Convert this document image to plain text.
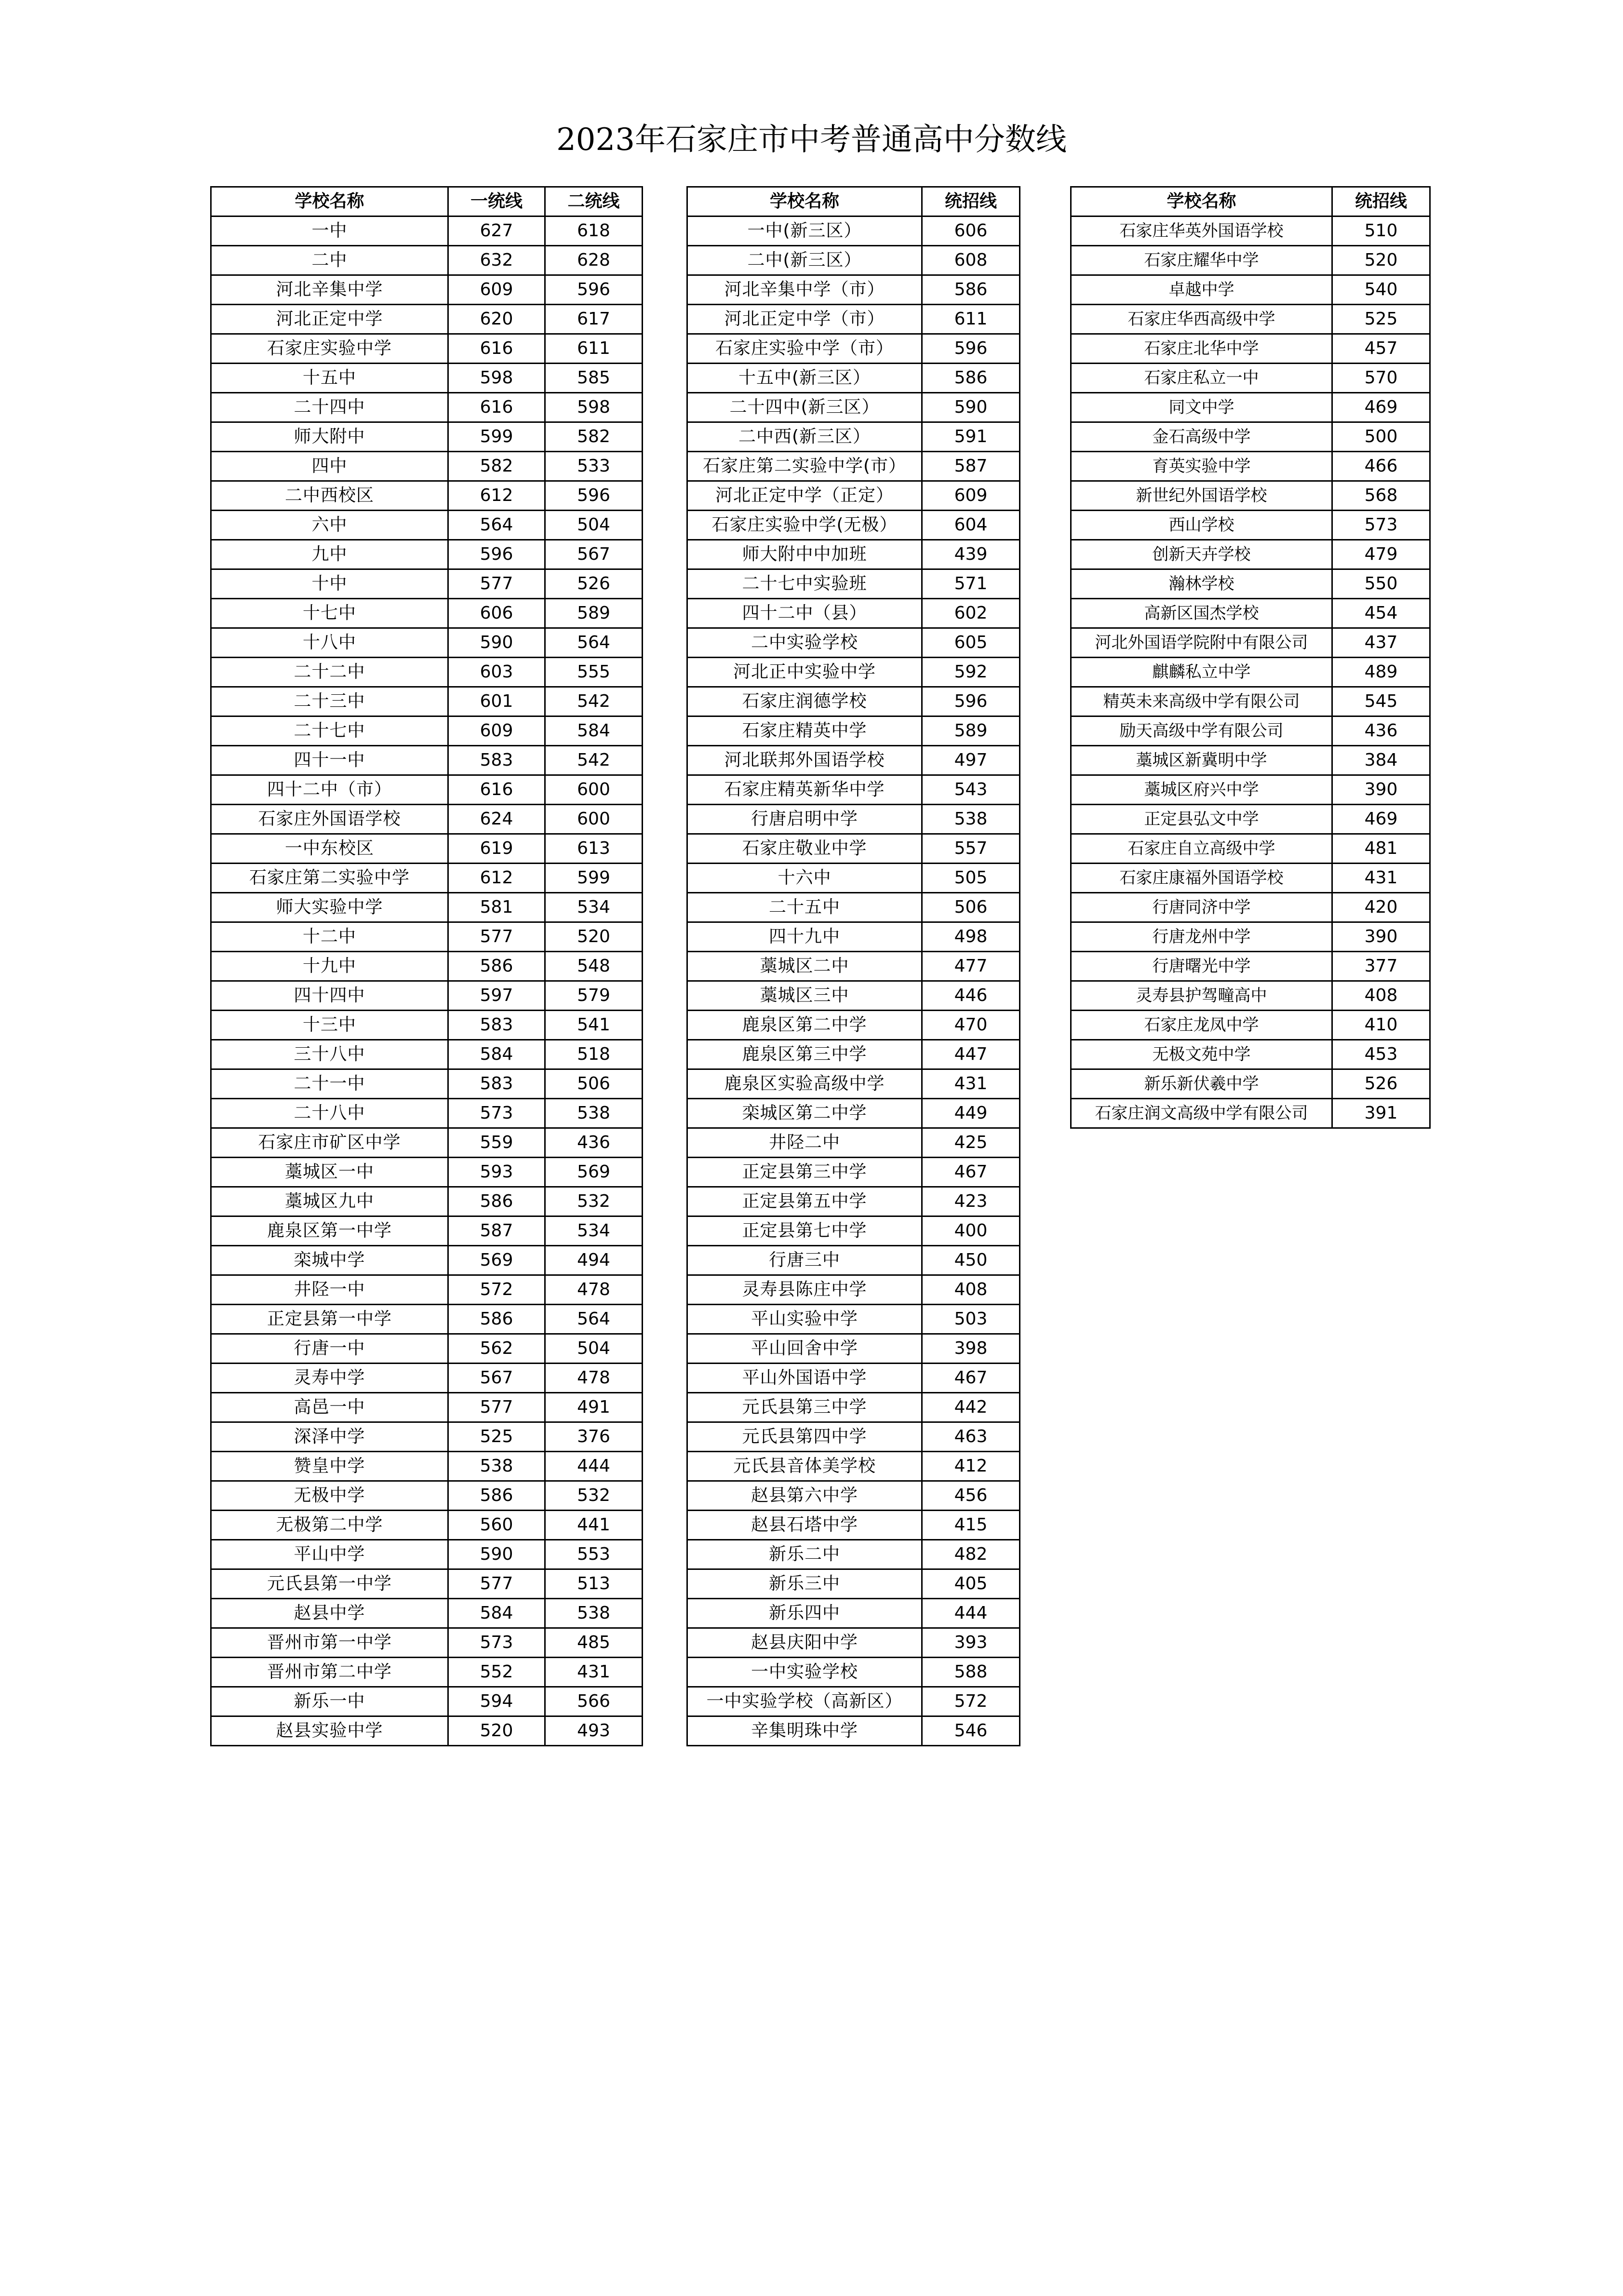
2023年石家庄市中考普通高中分数线
学校名称	一统线	二统线
一中	627	618
二中	632	628
河北辛集中学	609	596
河北正定中学	620	617
石家庄实验中学	616	611
十五中	598	585
二十四中	616	598
师大附中	599	582
四中	582	533
二中西校区	612	596
六中	564	504
九中	596	567
十中	577	526
十七中	606	589
十八中	590	564
二十二中	603	555
二十三中	601	542
二十七中	609	584
四十一中	583	542
四十二中（市）	616	600
石家庄外国语学校	624	600
一中东校区	619	613
石家庄第二实验中学	612	599
师大实验中学	581	534
十二中	577	520
十九中	586	548
四十四中	597	579
十三中	583	541
三十八中	584	518
二十一中	583	506
二十八中	573	538
石家庄市矿区中学	559	436
藁城区一中	593	569
藁城区九中	586	532
鹿泉区第一中学	587	534
栾城中学	569	494
井陉一中	572	478
正定县第一中学	586	564
行唐一中	562	504
灵寿中学	567	478
高邑一中	577	491
深泽中学	525	376
赞皇中学	538	444
无极中学	586	532
无极第二中学	560	441
平山中学	590	553
元氏县第一中学	577	513
赵县中学	584	538
晋州市第一中学	573	485
晋州市第二中学	552	431
新乐一中	594	566
赵县实验中学	520	493
学校名称	统招线
一中(新三区）	606
二中(新三区）	608
河北辛集中学（市）	586
河北正定中学（市）	611
石家庄实验中学（市）	596
十五中(新三区）	586
二十四中(新三区）	590
二中西(新三区）	591
石家庄第二实验中学(市）	587
河北正定中学（正定）	609
石家庄实验中学(无极）	604
师大附中中加班	439
二十七中实验班	571
四十二中（县）	602
二中实验学校	605
河北正中实验中学	592
石家庄润德学校	596
石家庄精英中学	589
河北联邦外国语学校	497
石家庄精英新华中学	543
行唐启明中学	538
石家庄敬业中学	557
十六中	505
二十五中	506
四十九中	498
藁城区二中	477
藁城区三中	446
鹿泉区第二中学	470
鹿泉区第三中学	447
鹿泉区实验高级中学	431
栾城区第二中学	449
井陉二中	425
正定县第三中学	467
正定县第五中学	423
正定县第七中学	400
行唐三中	450
灵寿县陈庄中学	408
平山实验中学	503
平山回舍中学	398
平山外国语中学	467
元氏县第三中学	442
元氏县第四中学	463
元氏县音体美学校	412
赵县第六中学	456
赵县石塔中学	415
新乐二中	482
新乐三中	405
新乐四中	444
赵县庆阳中学	393
一中实验学校	588
一中实验学校（高新区）	572
辛集明珠中学	546
学校名称	统招线
石家庄华英外国语学校	510
石家庄耀华中学	520
卓越中学	540
石家庄华西高级中学	525
石家庄北华中学	457
石家庄私立一中	570
同文中学	469
金石高级中学	500
育英实验中学	466
新世纪外国语学校	568
西山学校	573
创新天卉学校	479
瀚林学校	550
高新区国杰学校	454
河北外国语学院附中有限公司	437
麒麟私立中学	489
精英未来高级中学有限公司	545
励天高级中学有限公司	436
藁城区新冀明中学	384
藁城区府兴中学	390
正定县弘文中学	469
石家庄自立高级中学	481
石家庄康福外国语学校	431
行唐同济中学	420
行唐龙州中学	390
行唐曙光中学	377
灵寿县护驾疃高中	408
石家庄龙凤中学	410
无极文苑中学	453
新乐新伏羲中学	526
石家庄润文高级中学有限公司	391
